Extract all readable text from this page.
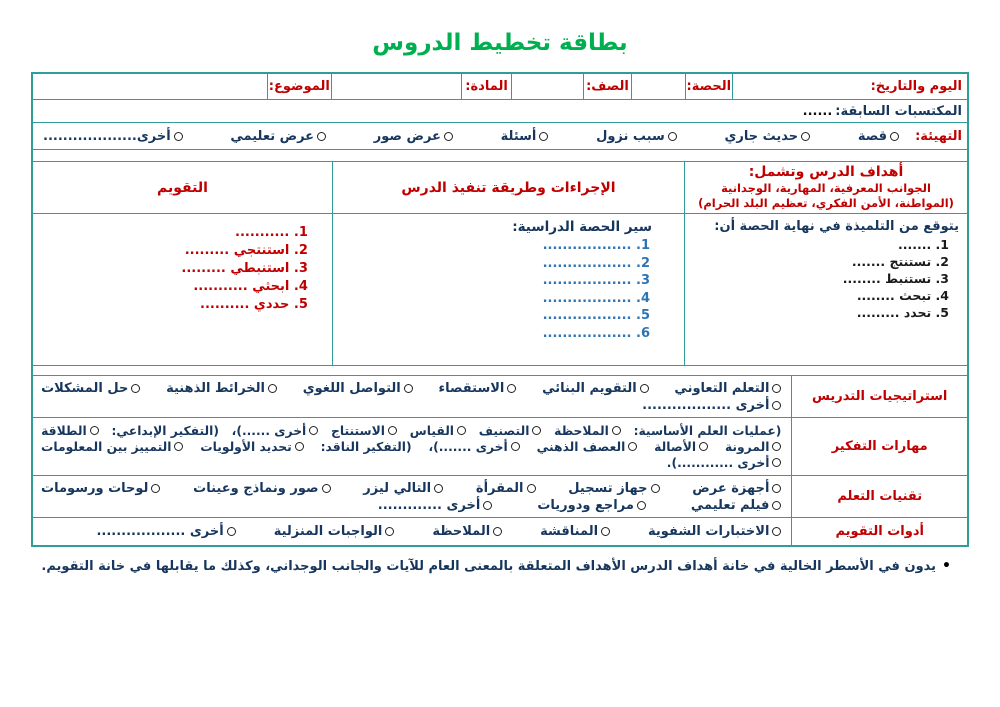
بطاقة تخطيط الدروس
اليوم والتاريخ:
الحصة:
الصف:
المادة:
الموضوع:
المكتسبات السابقة:
......
التهيئة:
قصة
حديث جاري
سبب نزول
أسئلة
عرض صور
عرض تعليمي
أخرى...................
أهداف الدرس وتشمل:
الجوانب المعرفية، المهارية، الوجدانية (المواطنة، الأمن الفكري، تعظيم البلد الحرام)
يتوقع من التلميذة في نهاية الحصة أن:
1. .......
2. تستنتج .......
3. تستنبط ........
4. تبحث ........
5. تحدد .........
الإجراءات وطريقة تنفيذ الدرس
سير الحصة الدراسية:
1. ..................
2. ..................
3. ..................
4. ..................
5. ..................
6. ..................
التقويم
1. ...........
2. استنتجي .........
3. استنبطي .........
4. ابحثي ...........
5. حددي ..........
استراتيجيات التدريس
التعلم التعاوني
التقويم البنائي
الاستقصاء
التواصل اللغوي
الخرائط الذهنية
حل المشكلات
أخرى ..................
مهارات التفكير
(عمليات العلم الأساسية:
الملاحظة
التصنيف
القياس
الاستنتاج
أخرى ......)،
(التفكير الإبداعي:
الطلاقة
المرونة
الأصالة
العصف الذهني
أخرى .......)،
(التفكير الناقد:
تحديد الأولويات
التمييز بين المعلومات
أخرى ............).
تقنيات التعلم
أجهزة عرض
جهاز تسجيل
المقرأة
التالي ليزر
صور ونماذج وعينات
لوحات ورسومات
فيلم تعليمي
مراجع ودوريات
أخرى .............
أدوات التقويم
الاختبارات الشفوية
المناقشة
الملاحظة
الواجبات المنزلية
أخرى ..................
•
يدون في الأسطر الخالية في خانة أهداف الدرس الأهداف المتعلقة بالمعنى العام للآيات والجانب الوجداني، وكذلك ما يقابلها في خانة التقويم.
